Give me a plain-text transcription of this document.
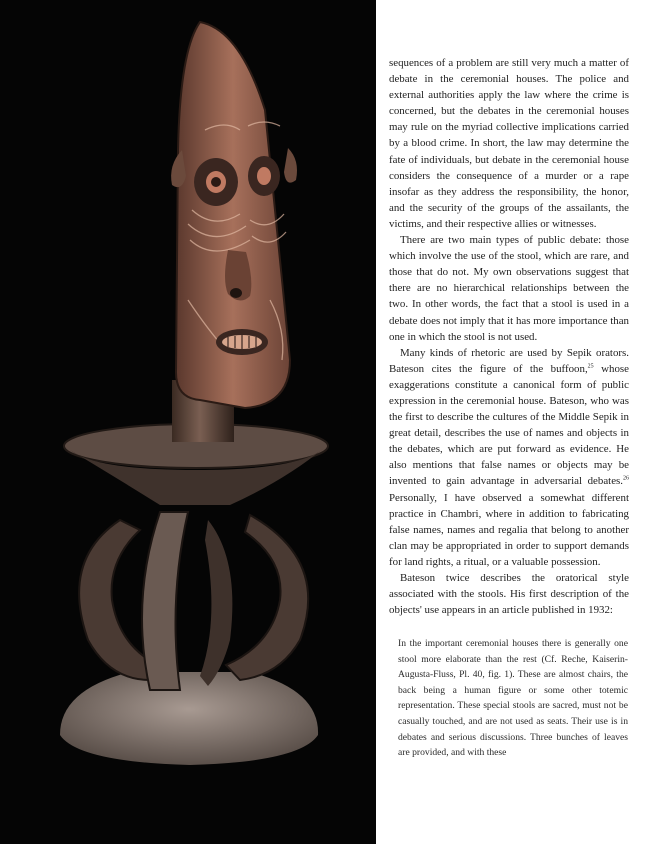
sequences of a problem are still very much a matter of debate in the ceremonial houses. The police and external authorities apply the law where the crime is concerned, but the debates in the ceremonial houses may rule on the myriad collective implications carried by a blood crime. In short, the law may determine the fate of individuals, but debate in the ceremonial house considers the consequence of a murder or a rape insofar as they address the responsibility, the honor, and the security of the groups of the assailants, the victims, and their respective allies or witnesses.

There are two main types of public debate: those which involve the use of the stool, which are rare, and those that do not. My own observations suggest that there are no hierarchical relationships between the two. In other words, the fact that a stool is used in a debate does not imply that it has more importance than one in which the stool is not used.

Many kinds of rhetoric are used by Sepik orators. Bateson cites the figure of the buffoon,$^{25}$ whose exaggerations constitute a canonical form of public expression in the ceremonial house. Bateson, who was the first to describe the cultures of the Middle Sepik in great detail, describes the use of names and objects in the debates, which are put forward as evidence. He also mentions that false names or objects may be invented to gain advantage in adversarial debates.$^{26}$ Personally, I have observed a somewhat different practice in Chambri, where in addition to fabricating false names, names and regalia that belong to another clan may be appropriated in order to support demands for land rights, a ritual, or a valuable possession.

Bateson twice describes the oratorical style associated with the stools. His first description of the objects' use appears in an article published in 1932:

In the important ceremonial houses there is generally one stool more elaborate than the rest (Cf. Reche, Kaiserin-Augusta-Fluss, Pl. 40, fig. 1). These are almost chairs, the back being a human figure or some other totemic representation. These special stools are sacred, must not be casually touched, and are not used as seats. Their use is in debates and serious discussions. Three bunches of leaves are provided, and with these
